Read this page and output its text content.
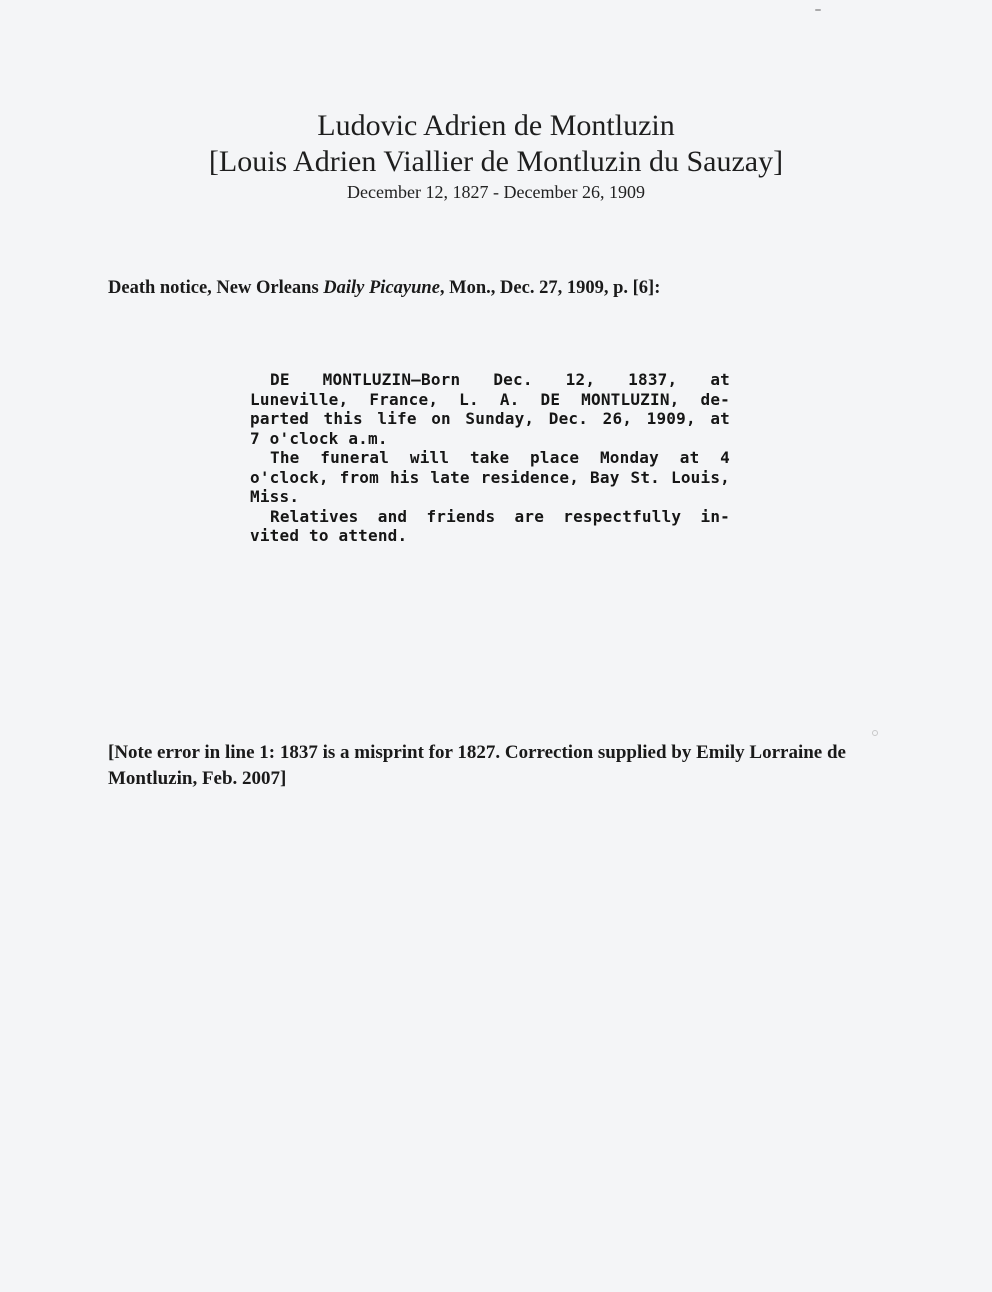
Ludovic Adrien de Montluzin
[Louis Adrien Viallier de Montluzin du Sauzay]
December 12, 1827 - December 26, 1909
Death notice, New Orleans Daily Picayune, Mon., Dec. 27, 1909, p. [6]:
DE MONTLUZIN—Born Dec. 12, 1837, at
Luneville, France, L. A. DE MONTLUZIN, de-
parted this life on Sunday, Dec. 26, 1909, at
7 o'clock a.m.
The funeral will take place Monday at 4
o'clock, from his late residence, Bay St. Louis,
Miss.
Relatives and friends are respectfully in-
vited to attend.
[Note error in line 1: 1837 is a misprint for 1827. Correction supplied by Emily Lorraine de Montluzin, Feb. 2007]
